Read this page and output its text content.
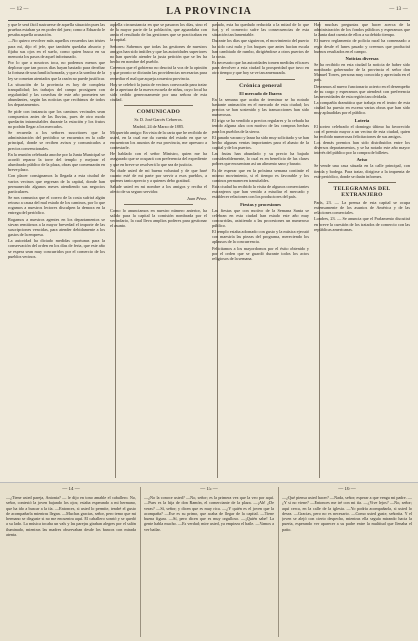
— 12 —	LA PROVINCIA	— 13 —

y que le será fácil sustraerse de aquella situación pues las pruebas estaban ya en poder del juez; como a Eduardo le pesaba aquella acusación.

—No quiero revolver más aquellos recuerdos tan tristes para mí, dijo el jefe, que también quedaba absorto y fijaba sus ojos en el suelo, como quien busca en su memoria los pasos de aquel infortunado.

Por lo que a nosotros toca, no podemos menos que deplorar que tan pocos días hayan bastado para derribar la fortuna de una familia honrada, y que a la sombra de la ley se cometan atentados que la razón no puede justificar.

La situación de la provincia es hoy de completa tranquilidad; los trabajos del campo prosiguen con regularidad y las cosechas de este año prometen ser abundantes, según las noticias que recibimos de todos los departamentos.

Se pide con instancia que los caminos vecinales sean compuestos antes de las lluvias, pues de otro modo quedarán intransitables durante la estación y los frutos no podrán llegar a los mercados.

Se recuerda a los señores suscritores que la administración del periódico se encuentra en la calle principal, donde se reciben avisos y comunicados a precios convencionales.

En la reunión celebrada anoche por la Junta Municipal se acordó reparar la torre del templo y mejorar el alumbrado público de la plaza, obras que comenzarán en breve plazo.

Con placer consignamos la llegada a esta ciudad de varios vecinos que regresan de la capital, donde han permanecido algunos meses atendiendo sus negocios particulares.

Se nos comunica que el correo de la costa sufrirá algún retraso a causa del mal estado de los caminos, por lo que rogamos a nuestros lectores disculpen la demora en la entrega del periódico.

Rogamos a nuestros agentes en los departamentos se sirvan remitirnos a la mayor brevedad el importe de las suscripciones vencidas, para atender debidamente a los gastos de la empresa.

La autoridad ha dictado medidas oportunas para la conservación del orden en los días de feria, que este año se espera sean muy concurridos por el comercio de los pueblos vecinos.

aquella circunstancia en que se pasaron los días, sino el de la mayor parte de la población, que aguardaba con ansia el resultado de las gestiones que se practicaban en la capital.

Señores: Sabemos que todas las gestiones de nuestros amigos han sido inútiles y que las autoridades superiores no han querido atender la justa petición que se les ha hecho en nombre del pueblo.

Creemos que el gobierno no desoirá la voz de la opinión y que pronto se dictarán las providencias necesarias para remediar el mal que aqueja a nuestra provincia.

Hoy se celebró la junta de vecinos convocada para tratar de la apertura de la nueva escuela de niñas, cuyo local ha sido cedido generosamente por una señora de esta ciudad.

COMUNICADO

Sr. D. José Garcés Cebreros.

Madrid, 24 de Marzo de 1885.

Mi querido amigo: En vista de la carta que he recibido de usted, en la cual me da cuenta del estado en que se encuentran los asuntos de esa provincia, me apresuro a contestarle.

He hablado con el señor Ministro, quien me ha asegurado que se ocupará con preferencia del expediente y que en breve se resolverá lo que sea de justicia.

No dude usted de mi buena voluntad y de que haré cuanto esté de mi parte por servir a esos pueblos, a quienes tanto aprecio y a quienes debo gratitud.

Salude usted en mi nombre a los amigos y reciba el afecto de su seguro servidor.

Juan Pérez.

Como lo anunciamos en nuestro número anterior, ha salido para la capital la comisión nombrada por el vecindario, la cual lleva amplios poderes para gestionar el asunto.

pasado, esta ha quedado reducida a la mitad de lo que fue, y el comercio sufre las consecuencias de esta situación tan lamentable.

Durante los días que siguieron, el movimiento del puerto ha sido casi nulo y los buques que antes hacían escala han cambiado de rumbo, dirigiéndose a otros puertos de la costa.

Es necesario que las autoridades tomen medidas eficaces para devolver a esta ciudad la prosperidad que tuvo en otro tiempo y que hoy se ve tan amenazada.

Crónica general
El mercado de Ibarra

En la semana que acaba de terminar se ha notado bastante animación en el mercado de esta ciudad; los precios se han sostenido y las transacciones han sido numerosas.

El trigo se ha vendido a precios regulares y la cebada ha tenido alguna alza con motivo de las compras hechas para los pueblos de la sierra.

El ganado vacuno y lanar ha sido muy solicitado y se han hecho algunas ventas importantes para el abasto de la capital y de los puertos.

Las frutas han abundado y su precio ha bajado considerablemente, lo cual es en beneficio de las clases pobres que encuentran así un alimento sano y barato.

Es de esperar que en la próxima semana continúe el mismo movimiento, si el tiempo es favorable y los caminos permanecen transitables.

Esta ciudad ha recibido la visita de algunos comerciantes extranjeros que han venido a estudiar el mercado y establecer relaciones con los productores del país.

Fiestas y procesiones

Las fiestas que con motivo de la Semana Santa se celebran en esta ciudad han estado este año muy concurridas, asistiendo a las procesiones un numeroso público.

El templo estaba adornado con gusto y la música ejecutó con maestría las piezas del programa, mereciendo los aplausos de la concurrencia.

Felicitamos a los mayordomos por el éxito obtenido y por el orden que se guardó durante todos los actos religiosos de la semana.

Hay muchas preguntas que hacer acerca de la administración de los fondos públicos y esperamos que la Junta dará cuenta de ellos a su debido tiempo.

El nuevo reglamento de policía rural ha comenzado a regir desde el lunes pasado y creemos que producirá buenos resultados en el campo.

Noticias diversas

Se ha recibido en esta ciudad la noticia de haber sido nombrado gobernador de la provincia el señor don Manuel Torres, persona muy conocida y apreciada en el país.

Deseamos al nuevo funcionario acierto en el desempeño de su cargo y esperamos que atenderá con preferencia las necesidades de esta región tan olvidada.

La compañía dramática que trabaja en el teatro de esta ciudad ha puesto en escena varias obras que han sido muy aplaudidas por el público.

Lotería

El sorteo celebrado el domingo último ha favorecido con el premio mayor a un vecino de esta ciudad, quien ha recibido numerosas felicitaciones de sus amigos.

Los demás premios han sido distribuidos entre los diversos departamentos, y se ha notado este año mayor interés del público por la compra de billetes.

Aviso

Se vende una casa situada en la calle principal, con tienda y bodega. Para tratar, dirigirse a la imprenta de este periódico, donde se darán informes.

TELEGRAMAS DEL EXTRANJERO

París, 23. — La prensa de esta capital se ocupa extensamente de los asuntos de América y de las relaciones comerciales.

Londres, 23. — Se anuncia que el Parlamento discutirá en breve la cuestión de los tratados de comercio con las repúblicas americanas.

— 14 —

—¿Tiene usted pareja, Antonia? — le dijo en tono amable el caballero. No, señor, contestó la joven bajando los ojos; estaba esperando a mi hermano, que ha ido a buscar a la tía. —Entonces, si usted lo permite, tendré el gusto de acompañarla mientras llegan. —Muchas gracias, señor, pero temo que mi hermano se disguste si no me encuentra aquí. El caballero sonrió y se quedó a su lado. La música tocaba un vals y las parejas giraban alegres por el salón iluminado, mientras las madres observaban desde los bancos con mirada atenta.

— 15 —

—¿No la conoce usted? —No, señor; es la primera vez que la veo por aquí. —Pues es la hija de don Ramón, el comerciante de la plaza. —¡Ah! ¿De veras? —Sí, señor; y dicen que es muy rica. —¿Y quién es el joven que la acompaña? —Ese es su primo, que acaba de llegar de la capital. —Tiene buena figura. —Sí, pero dicen que es muy orgulloso. —¡Quién sabe! La gente habla mucho. —Es verdad; mire usted, ya empieza el baile. —Vamos a ver bailar.

— 16 —

—¿Qué piensa usted hacer? —Nada, señor; esperar a que venga mi padre. —¿Y si no viene? —Entonces me iré con mi tía. —¿Vive lejos? —No, señor; aquí cerca, en la calle de la iglesia. —Yo podría acompañarla, si usted lo desea. —Gracias, pero no es necesario. —Como usted guste, señorita. Y el joven se alejó con cierto despecho, mientras ella seguía mirando hacia la puerta, esperando ver aparecer a su padre entre la multitud que llenaba el patio.
